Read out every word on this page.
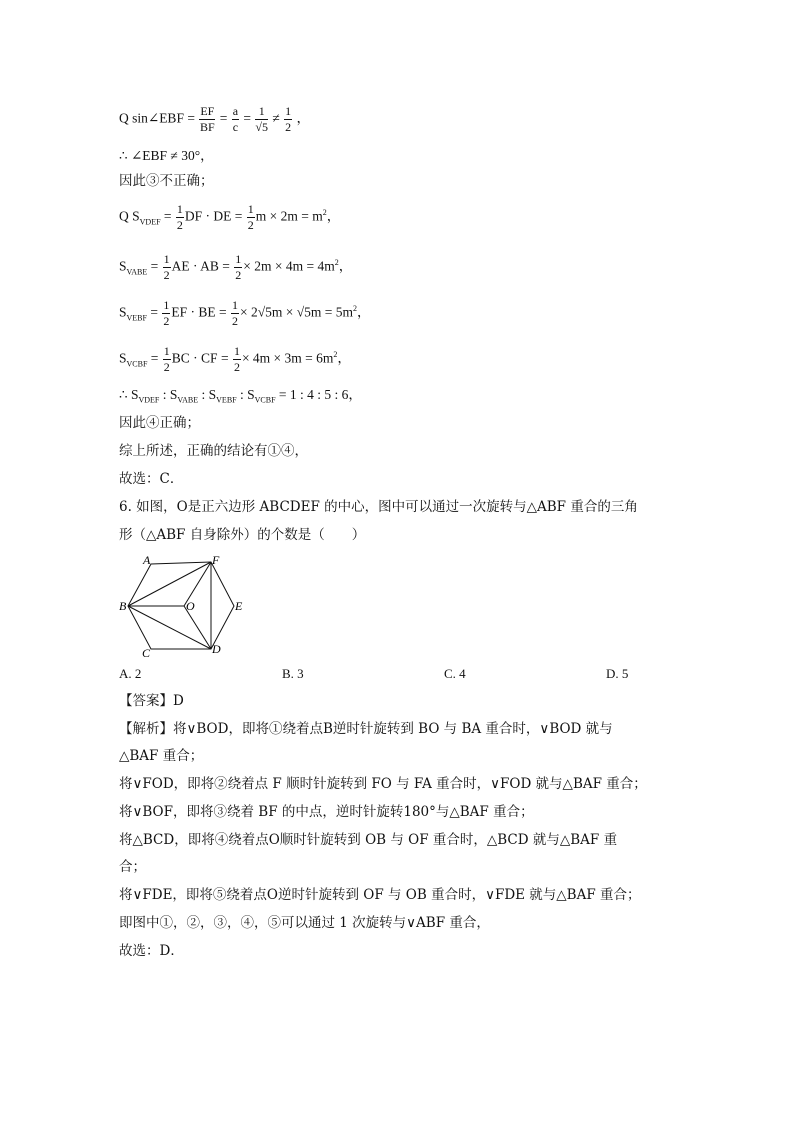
Q sin∠EBF = $\frac{EF}{BF} = \frac{a}{c} = \frac{1}{√5} \ne \frac{1}{2}$ ，
∴ ∠EBF ≠ 30°，
因此③不正确；
Q $S_{VDEF} = \frac{1}{2}$ DF · DE = $\frac{1}{2}$ $m \times 2m = m^2$，
$S_{VABE} = \frac{1}{2}$ AE · AB = $\frac{1}{2} \times 2m \times 4m = 4m^2$，
$S_{VEBF} = \frac{1}{2}$ EF · BE = $\frac{1}{2} \times 2√5m \times √5m = 5m^2$，
$S_{VCBF} = \frac{1}{2}$ BC · CF = $\frac{1}{2} \times 4m \times 3m = 6m^2$，
∴ $S_{VDEF}$ : $S_{VABE}$ : $S_{VEBF}$ : $S_{VCBF} = 1$ : 4 : 5 : 6，
因此④正确；
综上所述，正确的结论有①④，
故选：C．
6. 如图，O是正六边形 ABCDEF 的中心，图中可以通过一次旋转与△ABF 重合的三角
形（△ABF 自身除外）的个数是（　　）
A
B
C	D
E
F
O
A. 2	B. 3	C. 4	D. 5
【答案】D
【解析】将∨BOD，即将①绕着点B逆时针旋转到 BO 与 BA 重合时，∨BOD 就与
△BAF 重合；
将∨FOD，即将②绕着点 F 顺时针旋转到 FO 与 FA 重合时，∨FOD 就与△BAF 重合；
将∨BOF，即将③绕着 BF 的中点，逆时针旋转180°与△BAF 重合；
将△BCD，即将④绕着点O顺时针旋转到 OB 与 OF 重合时，△BCD 就与△BAF 重
合；
将∨FDE，即将⑤绕着点O逆时针旋转到 OF 与 OB 重合时，∨FDE 就与△BAF 重合；
即图中①，②，③，④，⑤可以通过 1 次旋转与∨ABF 重合，
故选：D．
